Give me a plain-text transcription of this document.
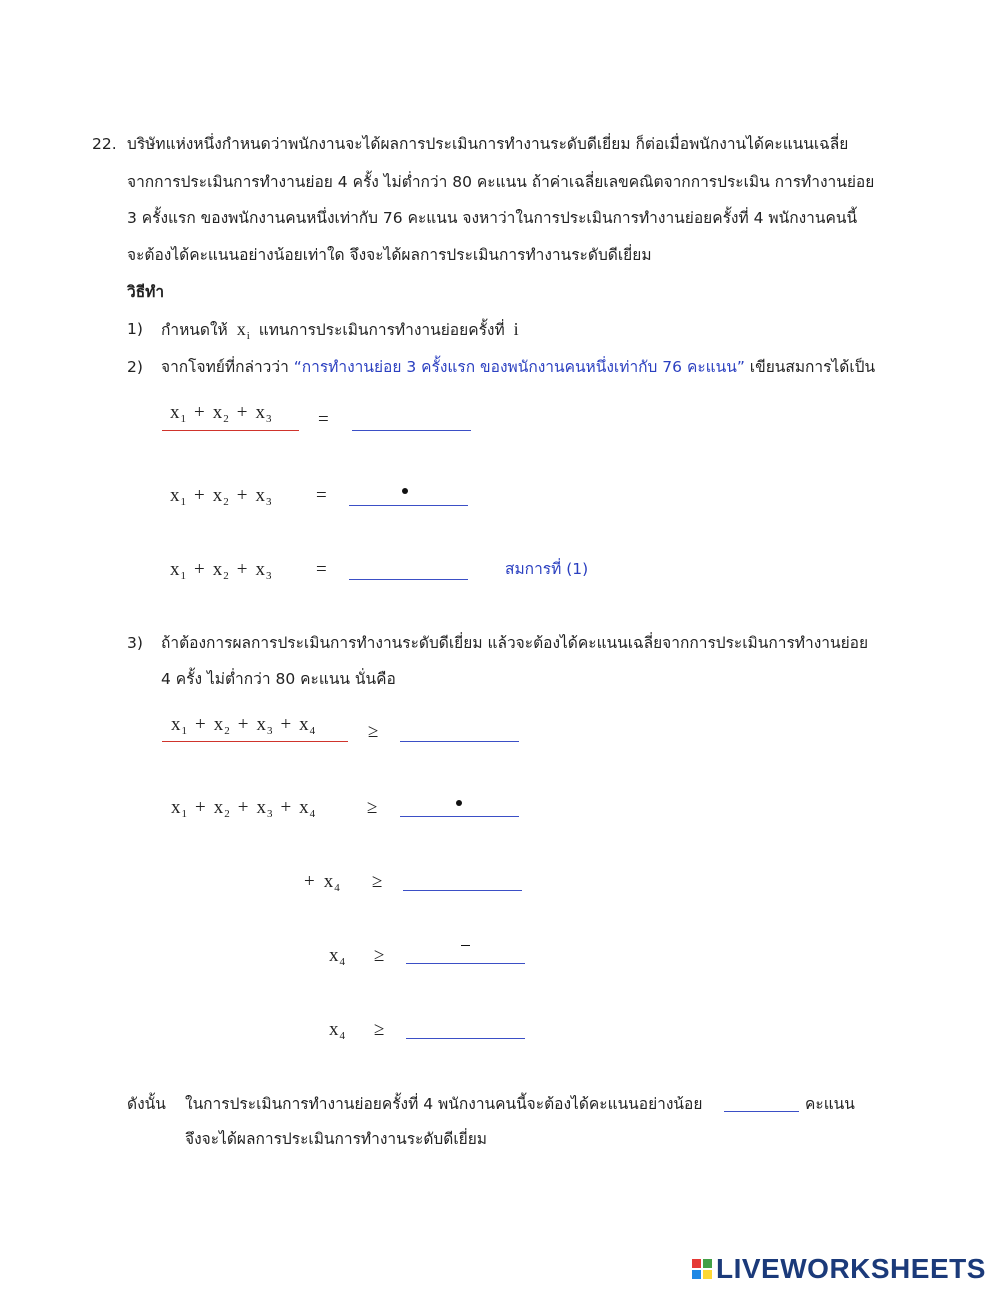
22. บริษัทแห่งหนึ่งกำหนดว่าพนักงานจะได้ผลการประเมินการทำงานระดับดีเยี่ยม ก็ต่อเมื่อพนักงานได้คะแนนเฉลี่ย
จากการประเมินการทำงานย่อย 4 ครั้ง ไม่ต่ำกว่า 80 คะแนน ถ้าค่าเฉลี่ยเลขคณิตจากการประเมิน การทำงานย่อย
3 ครั้งแรก ของพนักงานคนหนึ่งเท่ากับ 76 คะแนน จงหาว่าในการประเมินการทำงานย่อยครั้งที่ 4 พนักงานคนนี้
จะต้องได้คะแนนอย่างน้อยเท่าใด จึงจะได้ผลการประเมินการทำงานระดับดีเยี่ยม
วิธีทำ
1) กำหนดให้ $x_i$ แทนการประเมินการทำงานย่อยครั้งที่ i
2) จากโจทย์ที่กล่าวว่า “การทำงานย่อย 3 ครั้งแรก ของพนักงานคนหนึ่งเท่ากับ 76 คะแนน” เขียนสมการได้เป็น
$x_1 + x_2 + x_3$ =
$x_1 + x_2 + x_3$ =
$x_1 + x_2 + x_3$ =	สมการที่ (1)
3) ถ้าต้องการผลการประเมินการทำงานระดับดีเยี่ยม แล้วจะต้องได้คะแนนเฉลี่ยจากการประเมินการทำงานย่อย
4 ครั้ง ไม่ต่ำกว่า 80 คะแนน นั่นคือ
$x_1 + x_2 + x_3 + x_4$	≥
$x_1 + x_2 + x_3 + x_4$	≥
+ $x_4$ ≥
$x_4$ ≥
$x_4$ ≥
ดังนั้น ในการประเมินการทำงานย่อยครั้งที่ 4 พนักงานคนนี้จะต้องได้คะแนนอย่างน้อย	คะแนน
จึงจะได้ผลการประเมินการทำงานระดับดีเยี่ยม
LIVEWORKSHEETS
